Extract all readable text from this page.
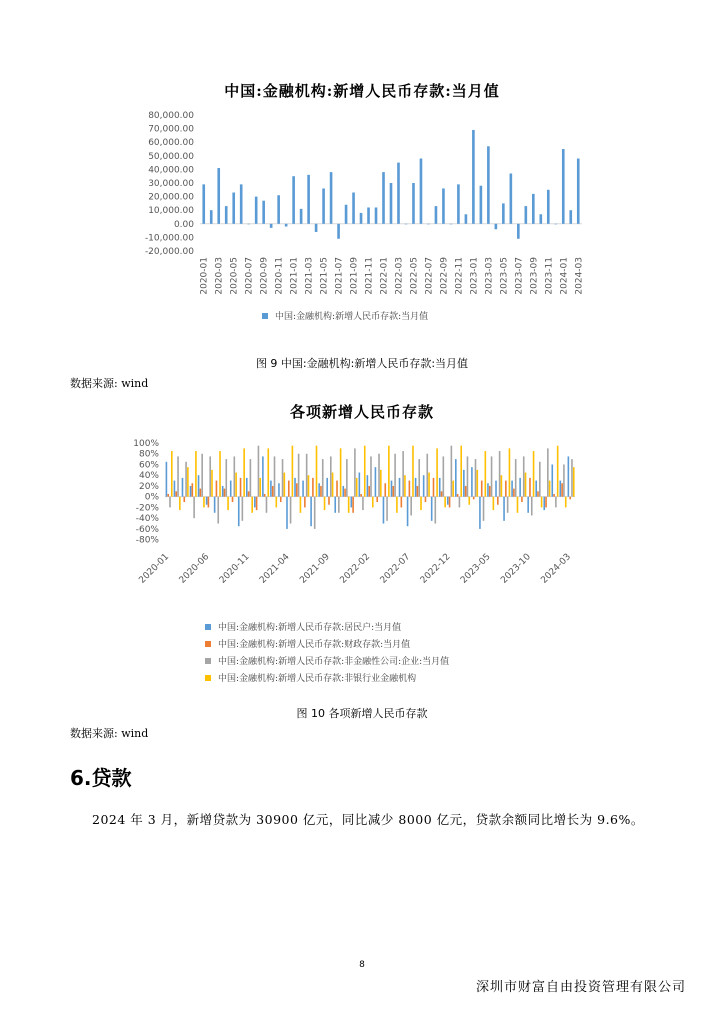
中国:金融机构:新增人民币存款:当月值
80,000.00
70,000.00
60,000.00
50,000.00
40,000.00
30,000.00
20,000.00
10,000.00
0.00
-10,000.00
-20,000.00
2020-01 2020-03 2020-05 2020-07 2020-09 2020-11 2021-01 2021-03 2021-05 2021-07 2021-09 2021-11 2022-01 2022-03 2022-05 2022-07 2022-09 2022-11 2023-01 2023-03 2023-05 2023-07 2023-09 2023-11 2024-01 2024-03
中国:金融机构:新增人民币存款:当月值
图 9 中国:金融机构:新增人民币存款:当月值
数据来源: wind
各项新增人民币存款
100%
80%
60%
40%
20%
0%
-20%
-40%
-60%
-80%
2020-01 2020-06 2020-11 2021-04 2021-09 2022-02 2022-07 2022-12 2023-05 2023-10 2024-03
中国:金融机构:新增人民币存款:居民户:当月值
中国:金融机构:新增人民币存款:财政存款:当月值
中国:金融机构:新增人民币存款:非金融性公司:企业:当月值
中国:金融机构:新增人民币存款:非银行业金融机构
图 10 各项新增人民币存款
数据来源: wind
6.贷款
2024 年 3 月，新增贷款为 30900 亿元，同比减少 8000 亿元，贷款余额同比增长为 9.6%。
8
深圳市财富自由投资管理有限公司
